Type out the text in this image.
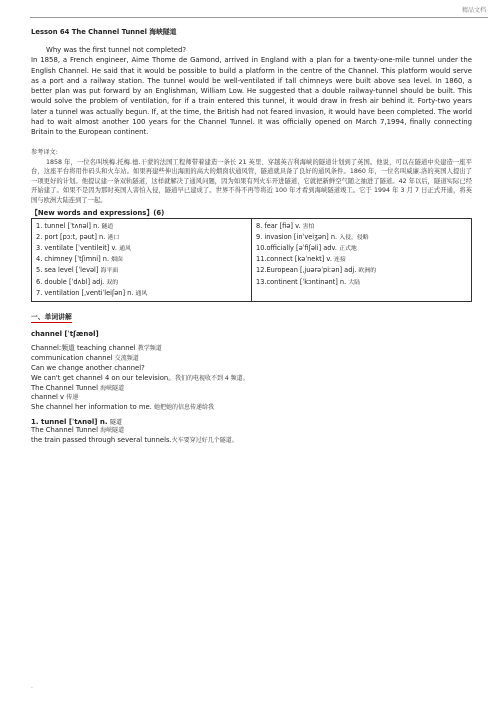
精品文档
Lesson 64 The Channel Tunnel 海峡隧道

Why was the first tunnel not completed?

In 1858, a French engineer, Aime Thome de Gamond, arrived in England with a plan for a twenty-one-mile tunnel under the English Channel. He said that it would be possible to build a platform in the centre of the Channel. This platform would serve as a port and a railway station. The tunnel would be well-ventilated if tall chimneys were built above sea level. In 1860, a better plan was put forward by an Englishman, William Low. He suggested that a double railway-tunnel should be built. This would solve the problem of ventilation, for if a train entered this tunnel, it would draw in fresh air behind it. Forty-two years later a tunnel was actually begun. If, at the time, the British had not feared invasion, it would have been completed. The world had to wait almost another 100 years for the Channel Tunnel. It was officially opened on March 7,1994, finally connecting Britain to the European continent.

参考译文:

1858 年，一位名叫埃梅.托梅.德.干蒙的法国工程师带着建造一条长 21 英里、穿越英吉利海峡的隧道计划到了英国。他说，可以在隧道中央建造一座平台，这座平台将用作码头和火车站。如果再建些伸出海面的高大的烟囱状通风管，隧道就具备了良好的通风条件。1860 年，一位名叫威廉.洛的英国人提出了一项更好的计划。他提议建一条双轨隧道，这样就解决了通风问题，因为如果有列火车开进隧道，它就把新鲜空气随之抽进了隧道。42 年以后，隧道实际已经开始建了。如果不是因为那时英国人害怕入侵，隧道早已建成了。世界不得不再等将近 100 年才看到海峡隧道竣工。它于 1994 年 3 月 7 日正式开通，将英国与欧洲大陆连到了一起。

【New words and expressions】(6)
1. tunnel [ˈtʌnəl] n. 隧道
2. port [pɔːt, pəut] n. 港口
3. ventilate [ˈventileit] v. 通风
4. chimney [ˈtʃimni] n. 烟囱
5. sea level [ˈlevəl] 海平面
6. double [ˈdʌbl] adj. 双的
7. ventilation [ˌventiˈleiʃən] n. 通风

8. fear [fiə] v. 害怕
9. invasion [inˈveiʒən] n. 入侵，侵略
10.officially [əˈfiʃəli] adv. 正式地
11.connect [kəˈnekt] v. 连接
12.European [ˌjuərəˈpiːən] adj. 欧洲的
13.continent [ˈkɔntinənt] n. 大陆
一、单词讲解
channel [ˈtʃænəl]

Channel:频道 teaching channel 教学频道

communication channel 交流频道

Can we change another channel?

We can't get channel 4 on our television。我们的电视收不到 4 频道。

The Channel Tunnel 海峡隧道

channel v 传递

She channel her information to me. 她把她的信息传递给我

1. tunnel [ˈtʌnəl] n. 隧道

The Channel Tunnel 海峡隧道

the train passed through several tunnels.火车要穿过好几个隧道。

.
